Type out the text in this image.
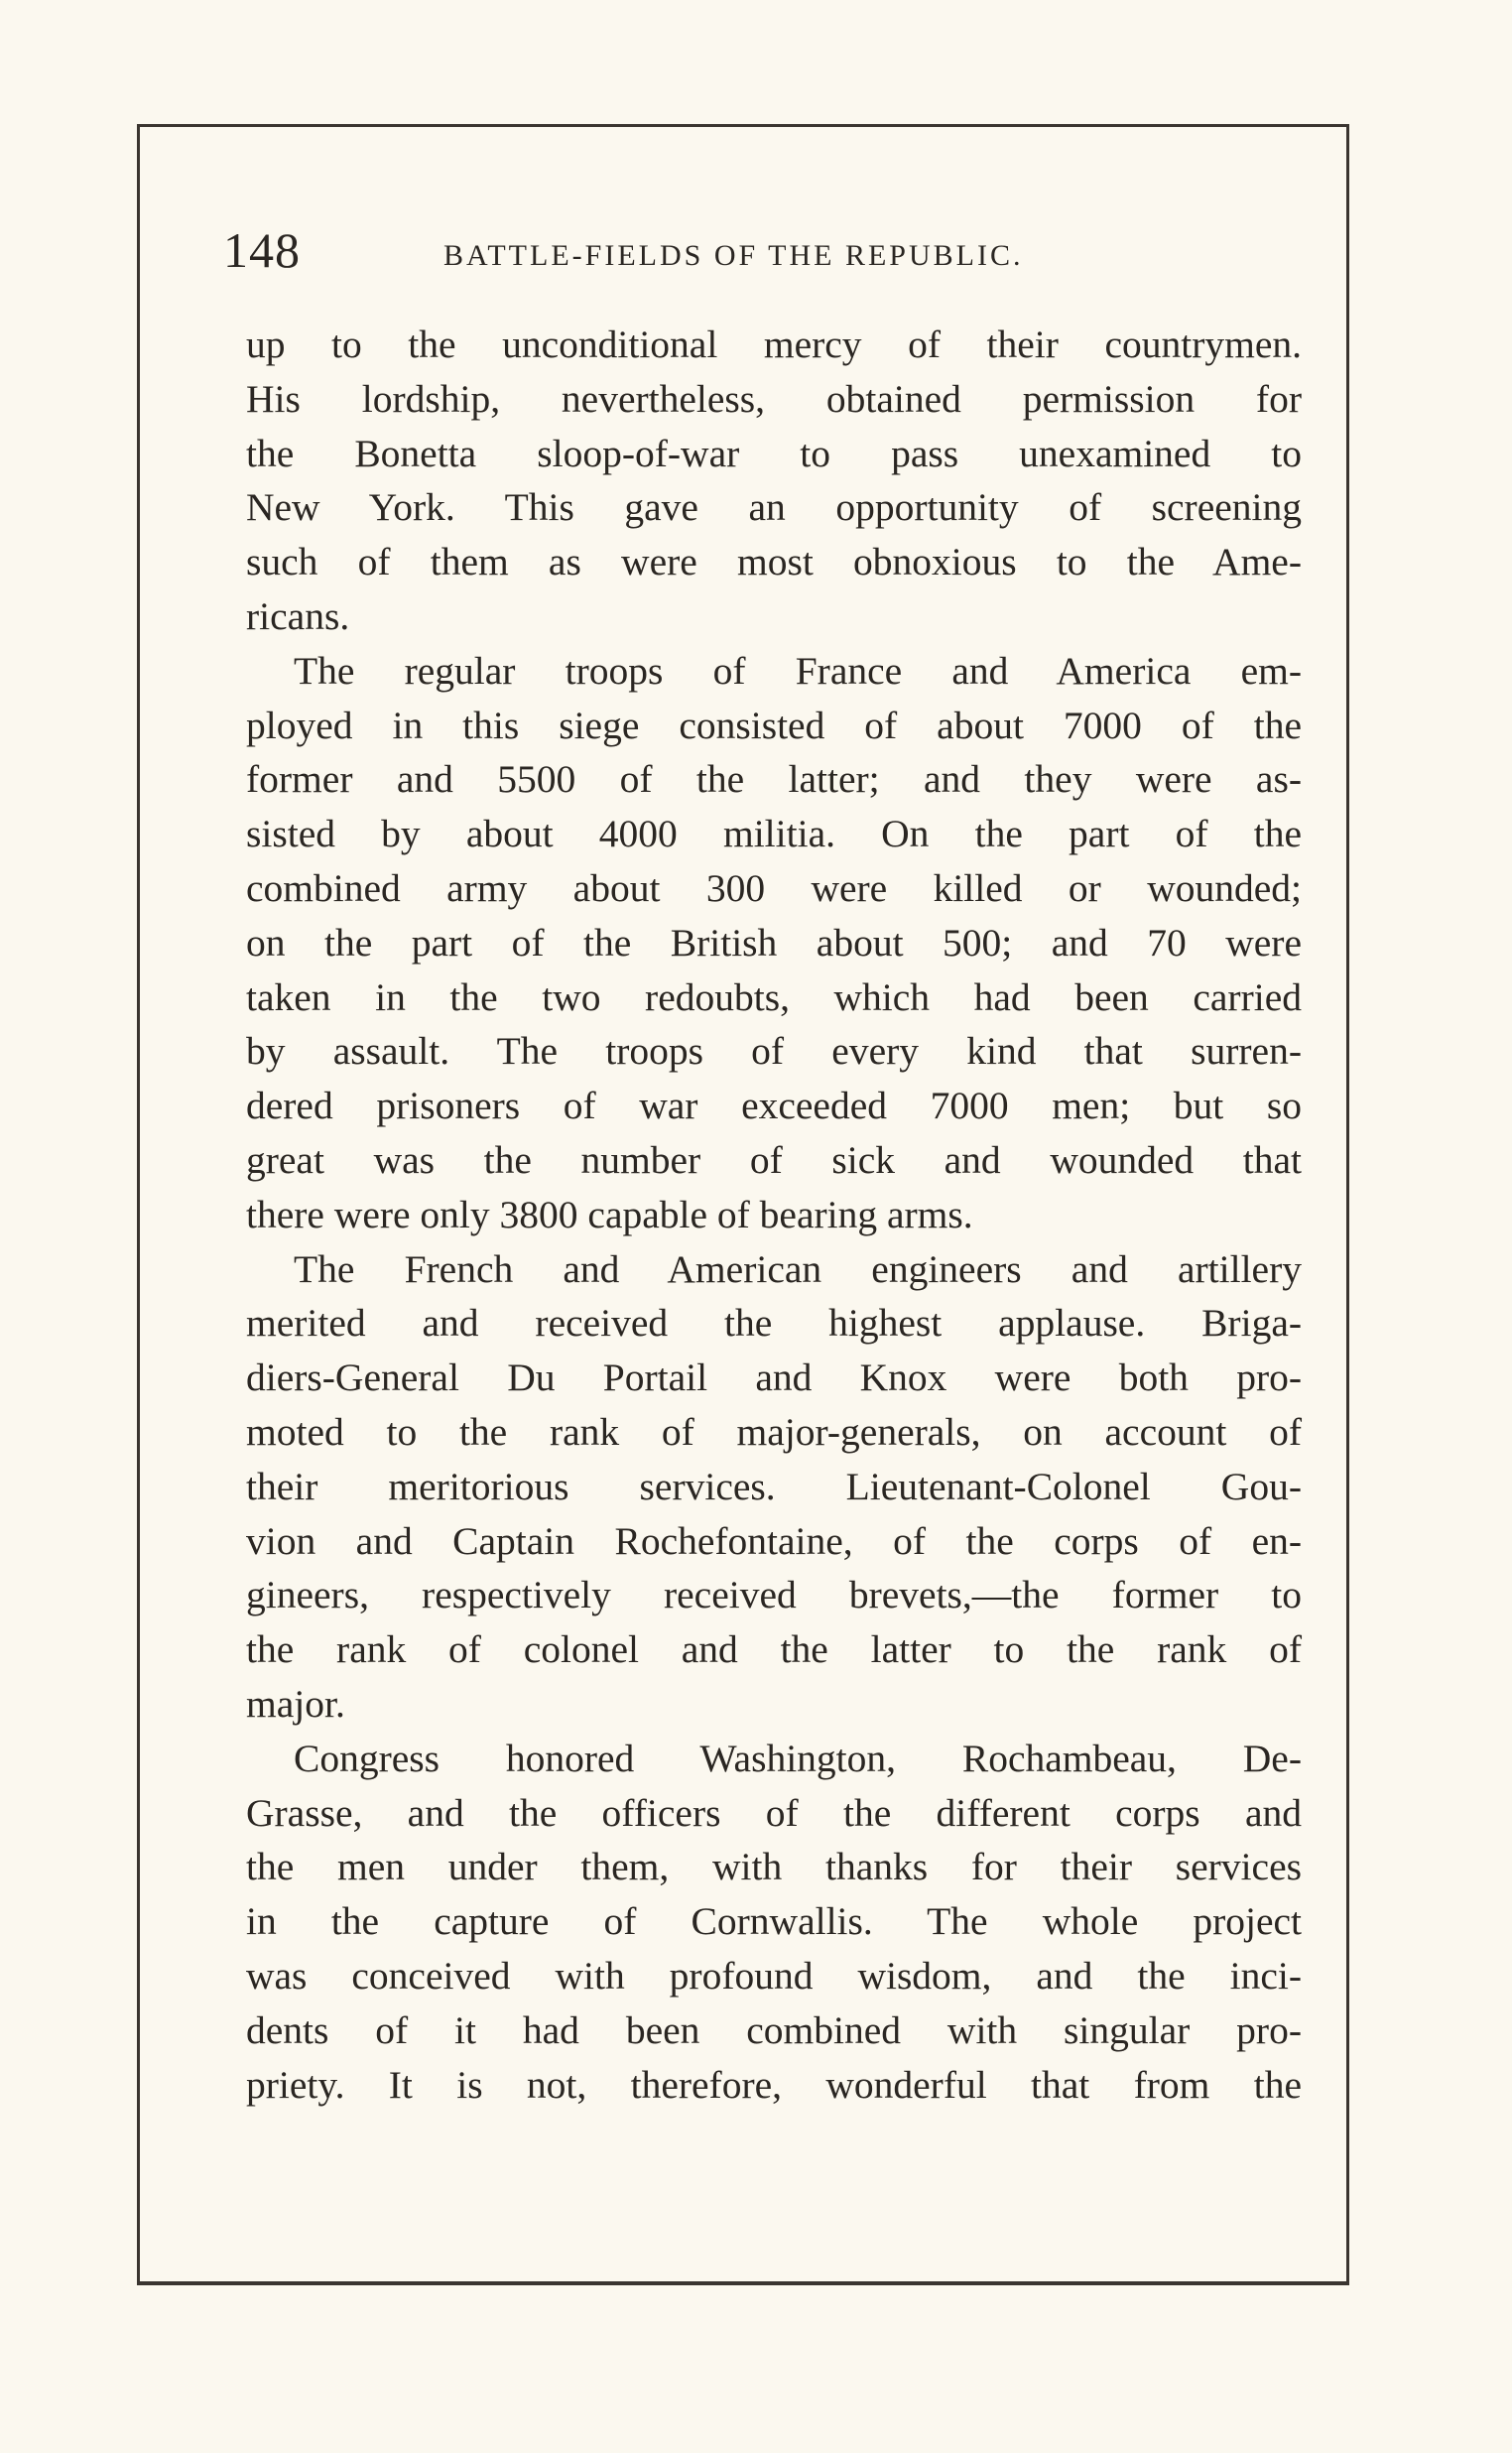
148	BATTLE-FIELDS OF THE REPUBLIC.
up to the unconditional mercy of their countrymen.
His lordship, nevertheless, obtained permission for
the Bonetta sloop-of-war to pass unexamined to
New York. This gave an opportunity of screening
such of them as were most obnoxious to the Ame-
ricans.
The regular troops of France and America em-
ployed in this siege consisted of about 7000 of the
former and 5500 of the latter; and they were as-
sisted by about 4000 militia. On the part of the
combined army about 300 were killed or wounded;
on the part of the British about 500; and 70 were
taken in the two redoubts, which had been carried
by assault. The troops of every kind that surren-
dered prisoners of war exceeded 7000 men; but so
great was the number of sick and wounded that
there were only 3800 capable of bearing arms.
The French and American engineers and artillery
merited and received the highest applause. Briga-
diers-General Du Portail and Knox were both pro-
moted to the rank of major-generals, on account of
their meritorious services. Lieutenant-Colonel Gou-
vion and Captain Rochefontaine, of the corps of en-
gineers, respectively received brevets,—the former to
the rank of colonel and the latter to the rank of
major.
Congress honored Washington, Rochambeau, De-
Grasse, and the officers of the different corps and
the men under them, with thanks for their services
in the capture of Cornwallis. The whole project
was conceived with profound wisdom, and the inci-
dents of it had been combined with singular pro-
priety. It is not, therefore, wonderful that from the
